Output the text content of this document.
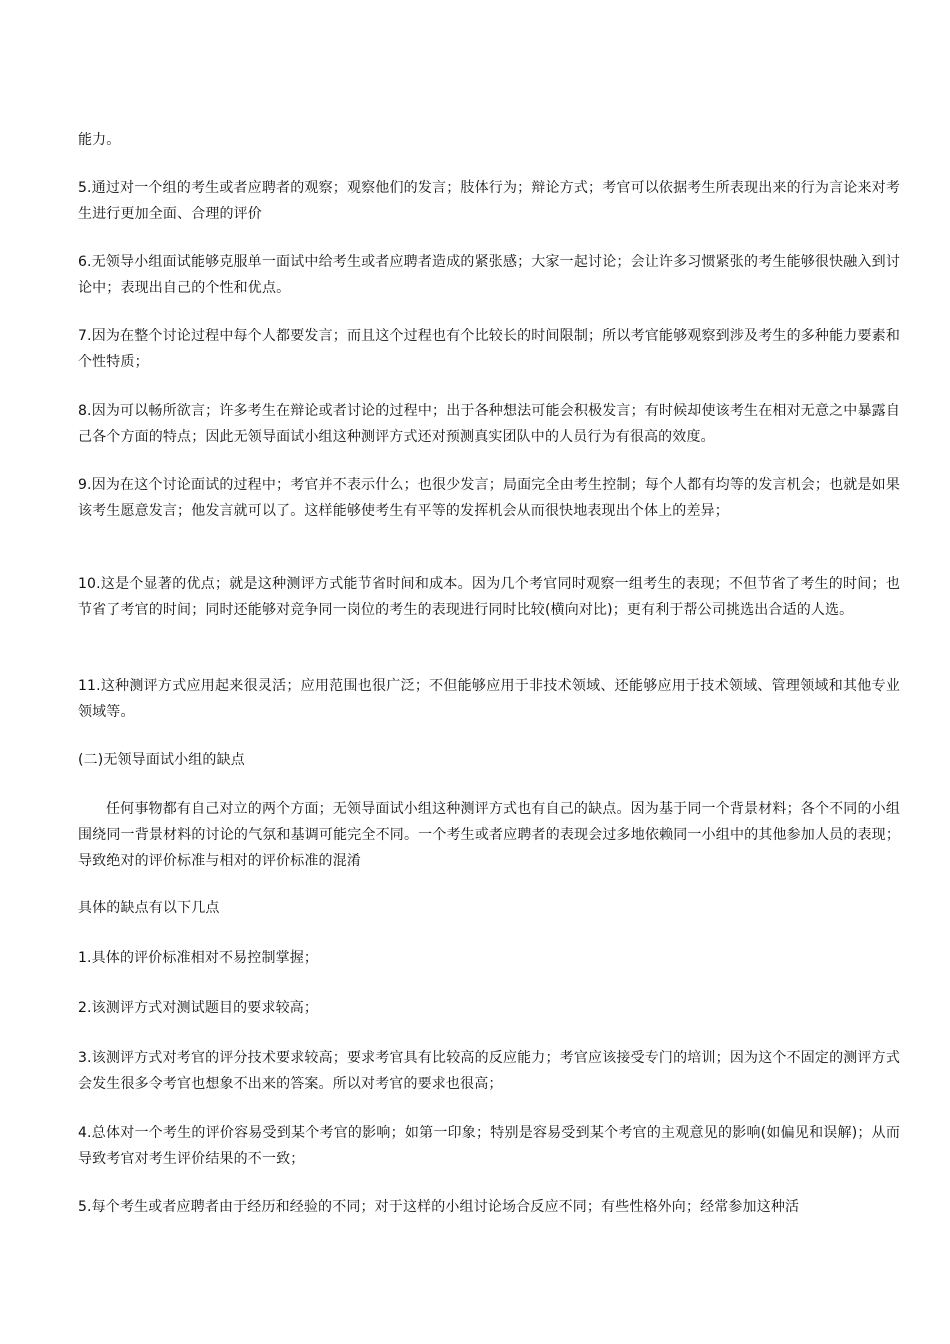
能力。

5.通过对一个组的考生或者应聘者的观察；观察他们的发言；肢体行为；辩论方式；考官可以依据考生所表现出来的行为言论来对考生进行更加全面、合理的评价

6.无领导小组面试能够克服单一面试中给考生或者应聘者造成的紧张感；大家一起讨论；会让许多习惯紧张的考生能够很快融入到讨论中；表现出自己的个性和优点。

7.因为在整个讨论过程中每个人都要发言；而且这个过程也有个比较长的时间限制；所以考官能够观察到涉及考生的多种能力要素和个性特质；

8.因为可以畅所欲言；许多考生在辩论或者讨论的过程中；出于各种想法可能会积极发言；有时候却使该考生在相对无意之中暴露自己各个方面的特点；因此无领导面试小组这种测评方式还对预测真实团队中的人员行为有很高的效度。

9.因为在这个讨论面试的过程中；考官并不表示什么；也很少发言；局面完全由考生控制；每个人都有均等的发言机会；也就是如果该考生愿意发言；他发言就可以了。这样能够使考生有平等的发挥机会从而很快地表现出个体上的差异；

10.这是个显著的优点；就是这种测评方式能节省时间和成本。因为几个考官同时观察一组考生的表现；不但节省了考生的时间；也节省了考官的时间；同时还能够对竞争同一岗位的考生的表现进行同时比较(横向对比)；更有利于帮公司挑选出合适的人选。

11.这种测评方式应用起来很灵活；应用范围也很广泛；不但能够应用于非技术领域、还能够应用于技术领域、管理领域和其他专业领域等。

(二)无领导面试小组的缺点

任何事物都有自己对立的两个方面；无领导面试小组这种测评方式也有自己的缺点。因为基于同一个背景材料；各个不同的小组围绕同一背景材料的讨论的气氛和基调可能完全不同。一个考生或者应聘者的表现会过多地依赖同一小组中的其他参加人员的表现；导致绝对的评价标准与相对的评价标准的混淆

具体的缺点有以下几点

1.具体的评价标准相对不易控制掌握；

2.该测评方式对测试题目的要求较高；

3.该测评方式对考官的评分技术要求较高；要求考官具有比较高的反应能力；考官应该接受专门的培训；因为这个不固定的测评方式会发生很多令考官也想象不出来的答案。所以对考官的要求也很高；

4.总体对一个考生的评价容易受到某个考官的影响；如第一印象；特别是容易受到某个考官的主观意见的影响(如偏见和误解)；从而导致考官对考生评价结果的不一致；

5.每个考生或者应聘者由于经历和经验的不同；对于这样的小组讨论场合反应不同；有些性格外向；经常参加这种活
